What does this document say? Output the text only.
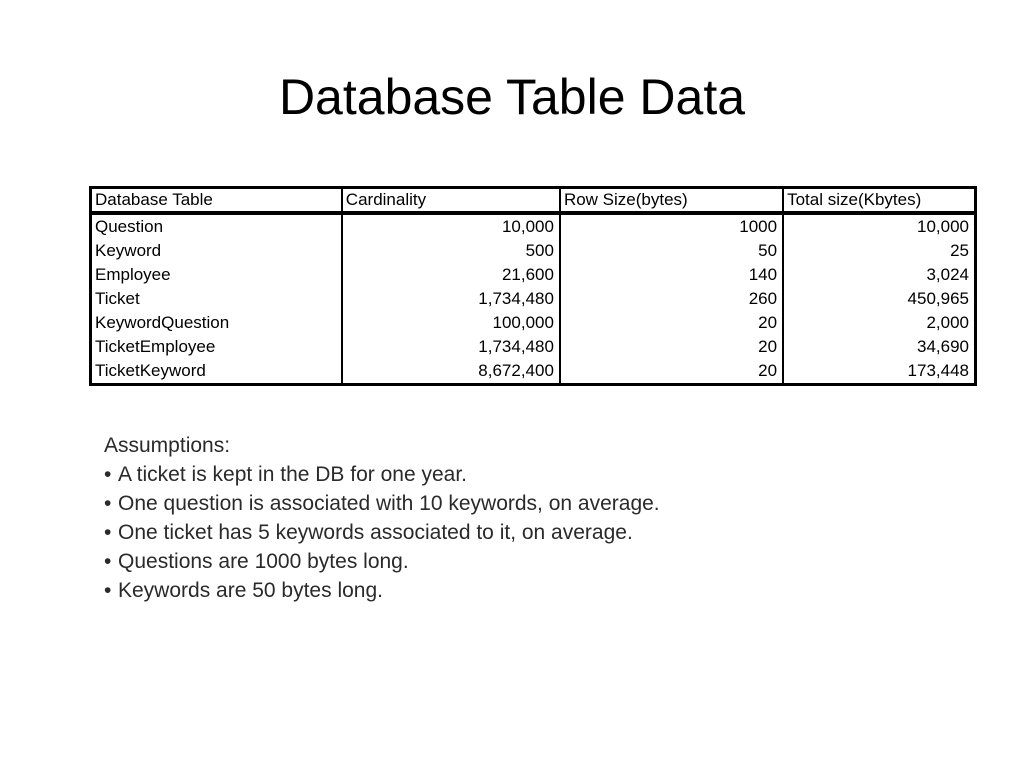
Database Table Data
Database Table	Cardinality	Row Size(bytes)	Total size(Kbytes)
Question	10,000	1000	10,000
Keyword	500	50	25
Employee	21,600	140	3,024
Ticket	1,734,480	260	450,965
KeywordQuestion	100,000	20	2,000
TicketEmployee	1,734,480	20	34,690
TicketKeyword	8,672,400	20	173,448
Assumptions:
• A ticket is kept in the DB for one year.
• One question is associated with 10 keywords, on average.
• One ticket has 5 keywords associated to it, on average.
• Questions are 1000 bytes long.
• Keywords are 50 bytes long.
